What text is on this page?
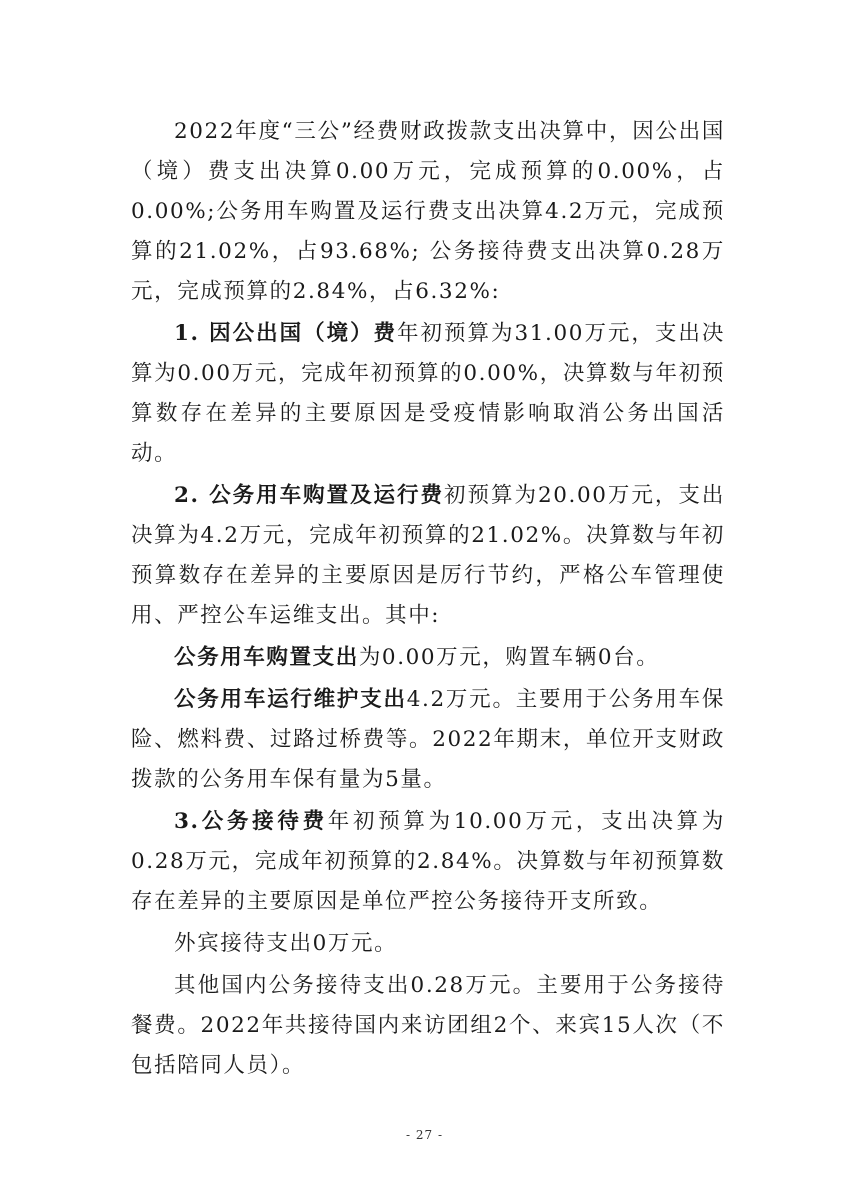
2022年度“三公”经费财政拨款支出决算中，因公出国（境）费支出决算0.00万元，完成预算的0.00%，占0.00%;公务用车购置及运行费支出决算4.2万元，完成预算的21.02%，占93.68%; 公务接待费支出决算0.28万元，完成预算的2.84%，占6.32%:

1. 因公出国（境）费年初预算为31.00万元，支出决算为0.00万元，完成年初预算的0.00%，决算数与年初预算数存在差异的主要原因是受疫情影响取消公务出国活动。

2. 公务用车购置及运行费初预算为20.00万元，支出决算为4.2万元，完成年初预算的21.02%。决算数与年初预算数存在差异的主要原因是厉行节约，严格公车管理使用、严控公车运维支出。其中:

公务用车购置支出为0.00万元，购置车辆0台。

公务用车运行维护支出4.2万元。主要用于公务用车保险、燃料费、过路过桥费等。2022年期末，单位开支财政拨款的公务用车保有量为5量。

3.公务接待费年初预算为10.00万元，支出决算为0.28万元，完成年初预算的2.84%。决算数与年初预算数存在差异的主要原因是单位严控公务接待开支所致。

外宾接待支出0万元。

其他国内公务接待支出0.28万元。主要用于公务接待餐费。2022年共接待国内来访团组2个、来宾15人次（不包括陪同人员）。

- 27 -
